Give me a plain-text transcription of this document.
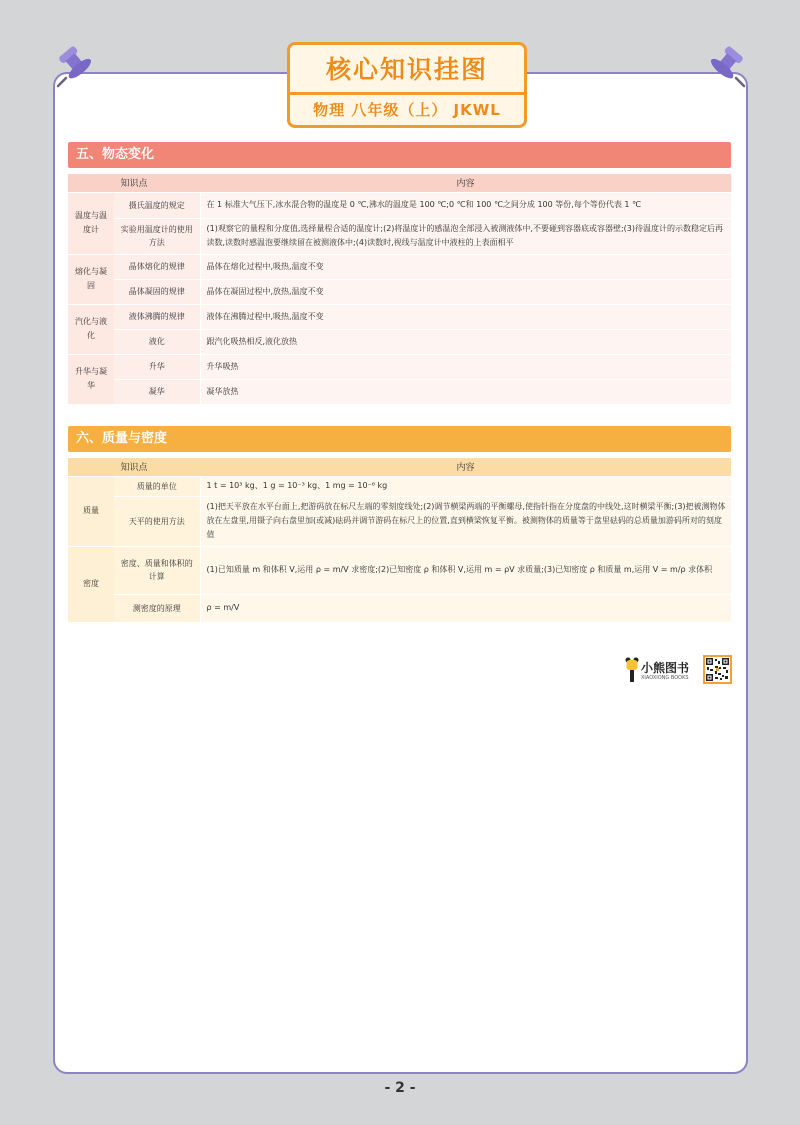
核心知识挂图
物理 八年级（上） JKWL
五、物态变化
知识点		内容
温度与温度计	摄氏温度的规定	在 1 标准大气压下,冰水混合物的温度是 0 ℃,沸水的温度是 100 ℃;0 ℃和 100 ℃之间分成 100 等份,每个等份代表 1 ℃
	实验用温度计的使用方法	(1)观察它的量程和分度值,选择量程合适的温度计;(2)将温度计的感温泡全部浸入被测液体中,不要碰到容器底或容器壁;(3)待温度计的示数稳定后再读数,读数时感温泡要继续留在被测液体中;(4)读数时,视线与温度计中液柱的上表面相平
熔化与凝固	晶体熔化的规律	晶体在熔化过程中,吸热,温度不变
	晶体凝固的规律	晶体在凝固过程中,放热,温度不变
汽化与液化	液体沸腾的规律	液体在沸腾过程中,吸热,温度不变
	液化	跟汽化吸热相反,液化放热
升华与凝华	升华	升华吸热
	凝华	凝华放热
六、质量与密度
知识点		内容
质量	质量的单位	1 t = 10³ kg、1 g = 10⁻³ kg、1 mg = 10⁻⁶ kg
	天平的使用方法	(1)把天平放在水平台面上,把游码放在标尺左端的零刻度线处;(2)调节横梁两端的平衡螺母,使指针指在分度盘的中线处,这时横梁平衡;(3)把被测物体放在左盘里,用镊子向右盘里加(或减)砝码并调节游码在标尺上的位置,直到横梁恢复平衡。被测物体的质量等于盘里砝码的总质量加游码所对的刻度值
密度	密度、质量和体积的计算	(1)已知质量 m 和体积 V,运用 ρ = m/V 求密度;(2)已知密度 ρ 和体积 V,运用 m = ρV 求质量;(3)已知密度 ρ 和质量 m,运用 V = m/ρ 求体积
	测密度的原理	ρ = m/V
小熊图书
XIAOXIONG BOOKS
- 2 -
